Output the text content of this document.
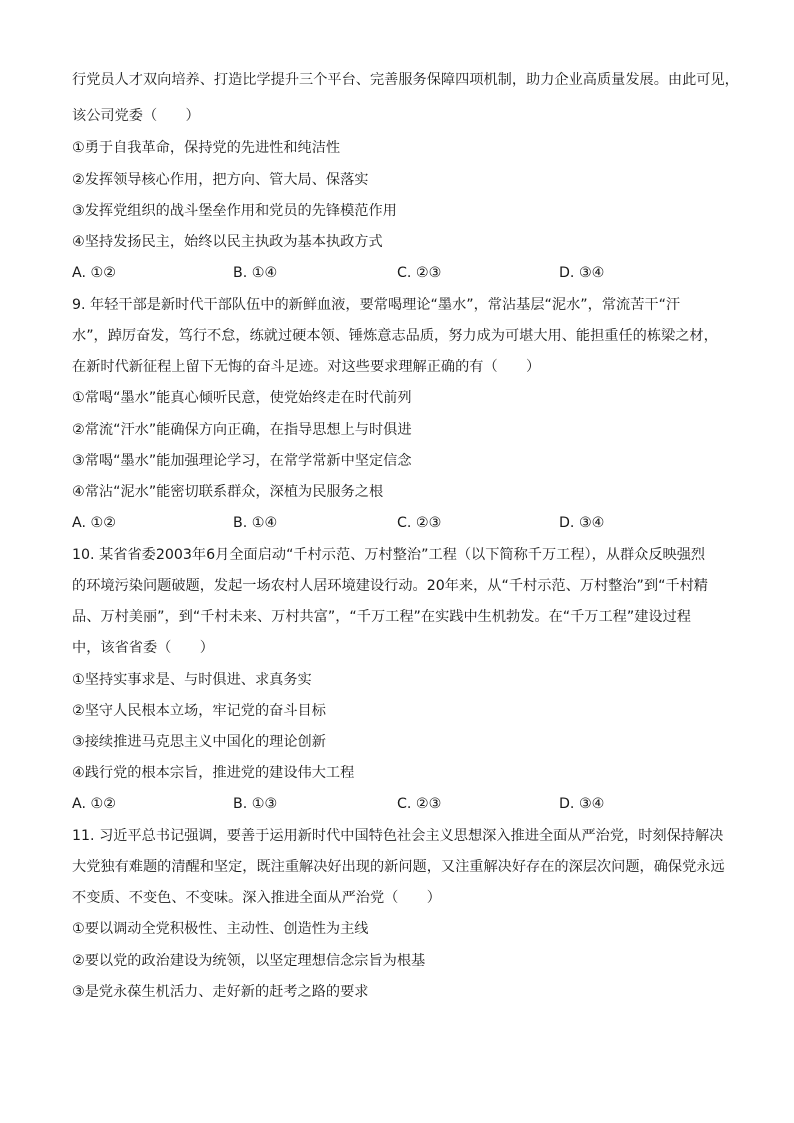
行党员人才双向培养、打造比学提升三个平台、完善服务保障四项机制，助力企业高质量发展。由此可见，
该公司党委（　　）
①勇于自我革命，保持党的先进性和纯洁性
②发挥领导核心作用，把方向、管大局、保落实
③发挥党组织的战斗堡垒作用和党员的先锋模范作用
④坚持发扬民主，始终以民主执政为基本执政方式
A. ①②	B. ①④	C. ②③	D. ③④
9. 年轻干部是新时代干部队伍中的新鲜血液，要常喝理论“墨水”，常沾基层“泥水”，常流苦干“汗
水”，踔厉奋发，笃行不怠，练就过硬本领、锤炼意志品质，努力成为可堪大用、能担重任的栋梁之材，
在新时代新征程上留下无悔的奋斗足迹。对这些要求理解正确的有（　　）
①常喝“墨水”能真心倾听民意，使党始终走在时代前列
②常流“汗水”能确保方向正确，在指导思想上与时俱进
③常喝“墨水”能加强理论学习，在常学常新中坚定信念
④常沾“泥水”能密切联系群众，深植为民服务之根
A. ①②	B. ①④	C. ②③	D. ③④
10. 某省省委2003年6月全面启动“千村示范、万村整治”工程（以下简称千万工程），从群众反映强烈
的环境污染问题破题，发起一场农村人居环境建设行动。20年来，从“千村示范、万村整治”到“千村精
品、万村美丽”，到“千村未来、万村共富”，“千万工程”在实践中生机勃发。在“千万工程”建设过程
中，该省省委（　　）
①坚持实事求是、与时俱进、求真务实
②坚守人民根本立场，牢记党的奋斗目标
③接续推进马克思主义中国化的理论创新
④践行党的根本宗旨，推进党的建设伟大工程
A. ①②	B. ①③	C. ②③	D. ③④
11. 习近平总书记强调，要善于运用新时代中国特色社会主义思想深入推进全面从严治党，时刻保持解决
大党独有难题的清醒和坚定，既注重解决好出现的新问题，又注重解决好存在的深层次问题，确保党永远
不变质、不变色、不变味。深入推进全面从严治党（　　）
①要以调动全党积极性、主动性、创造性为主线
②要以党的政治建设为统领，以坚定理想信念宗旨为根基
③是党永葆生机活力、走好新的赶考之路的要求
